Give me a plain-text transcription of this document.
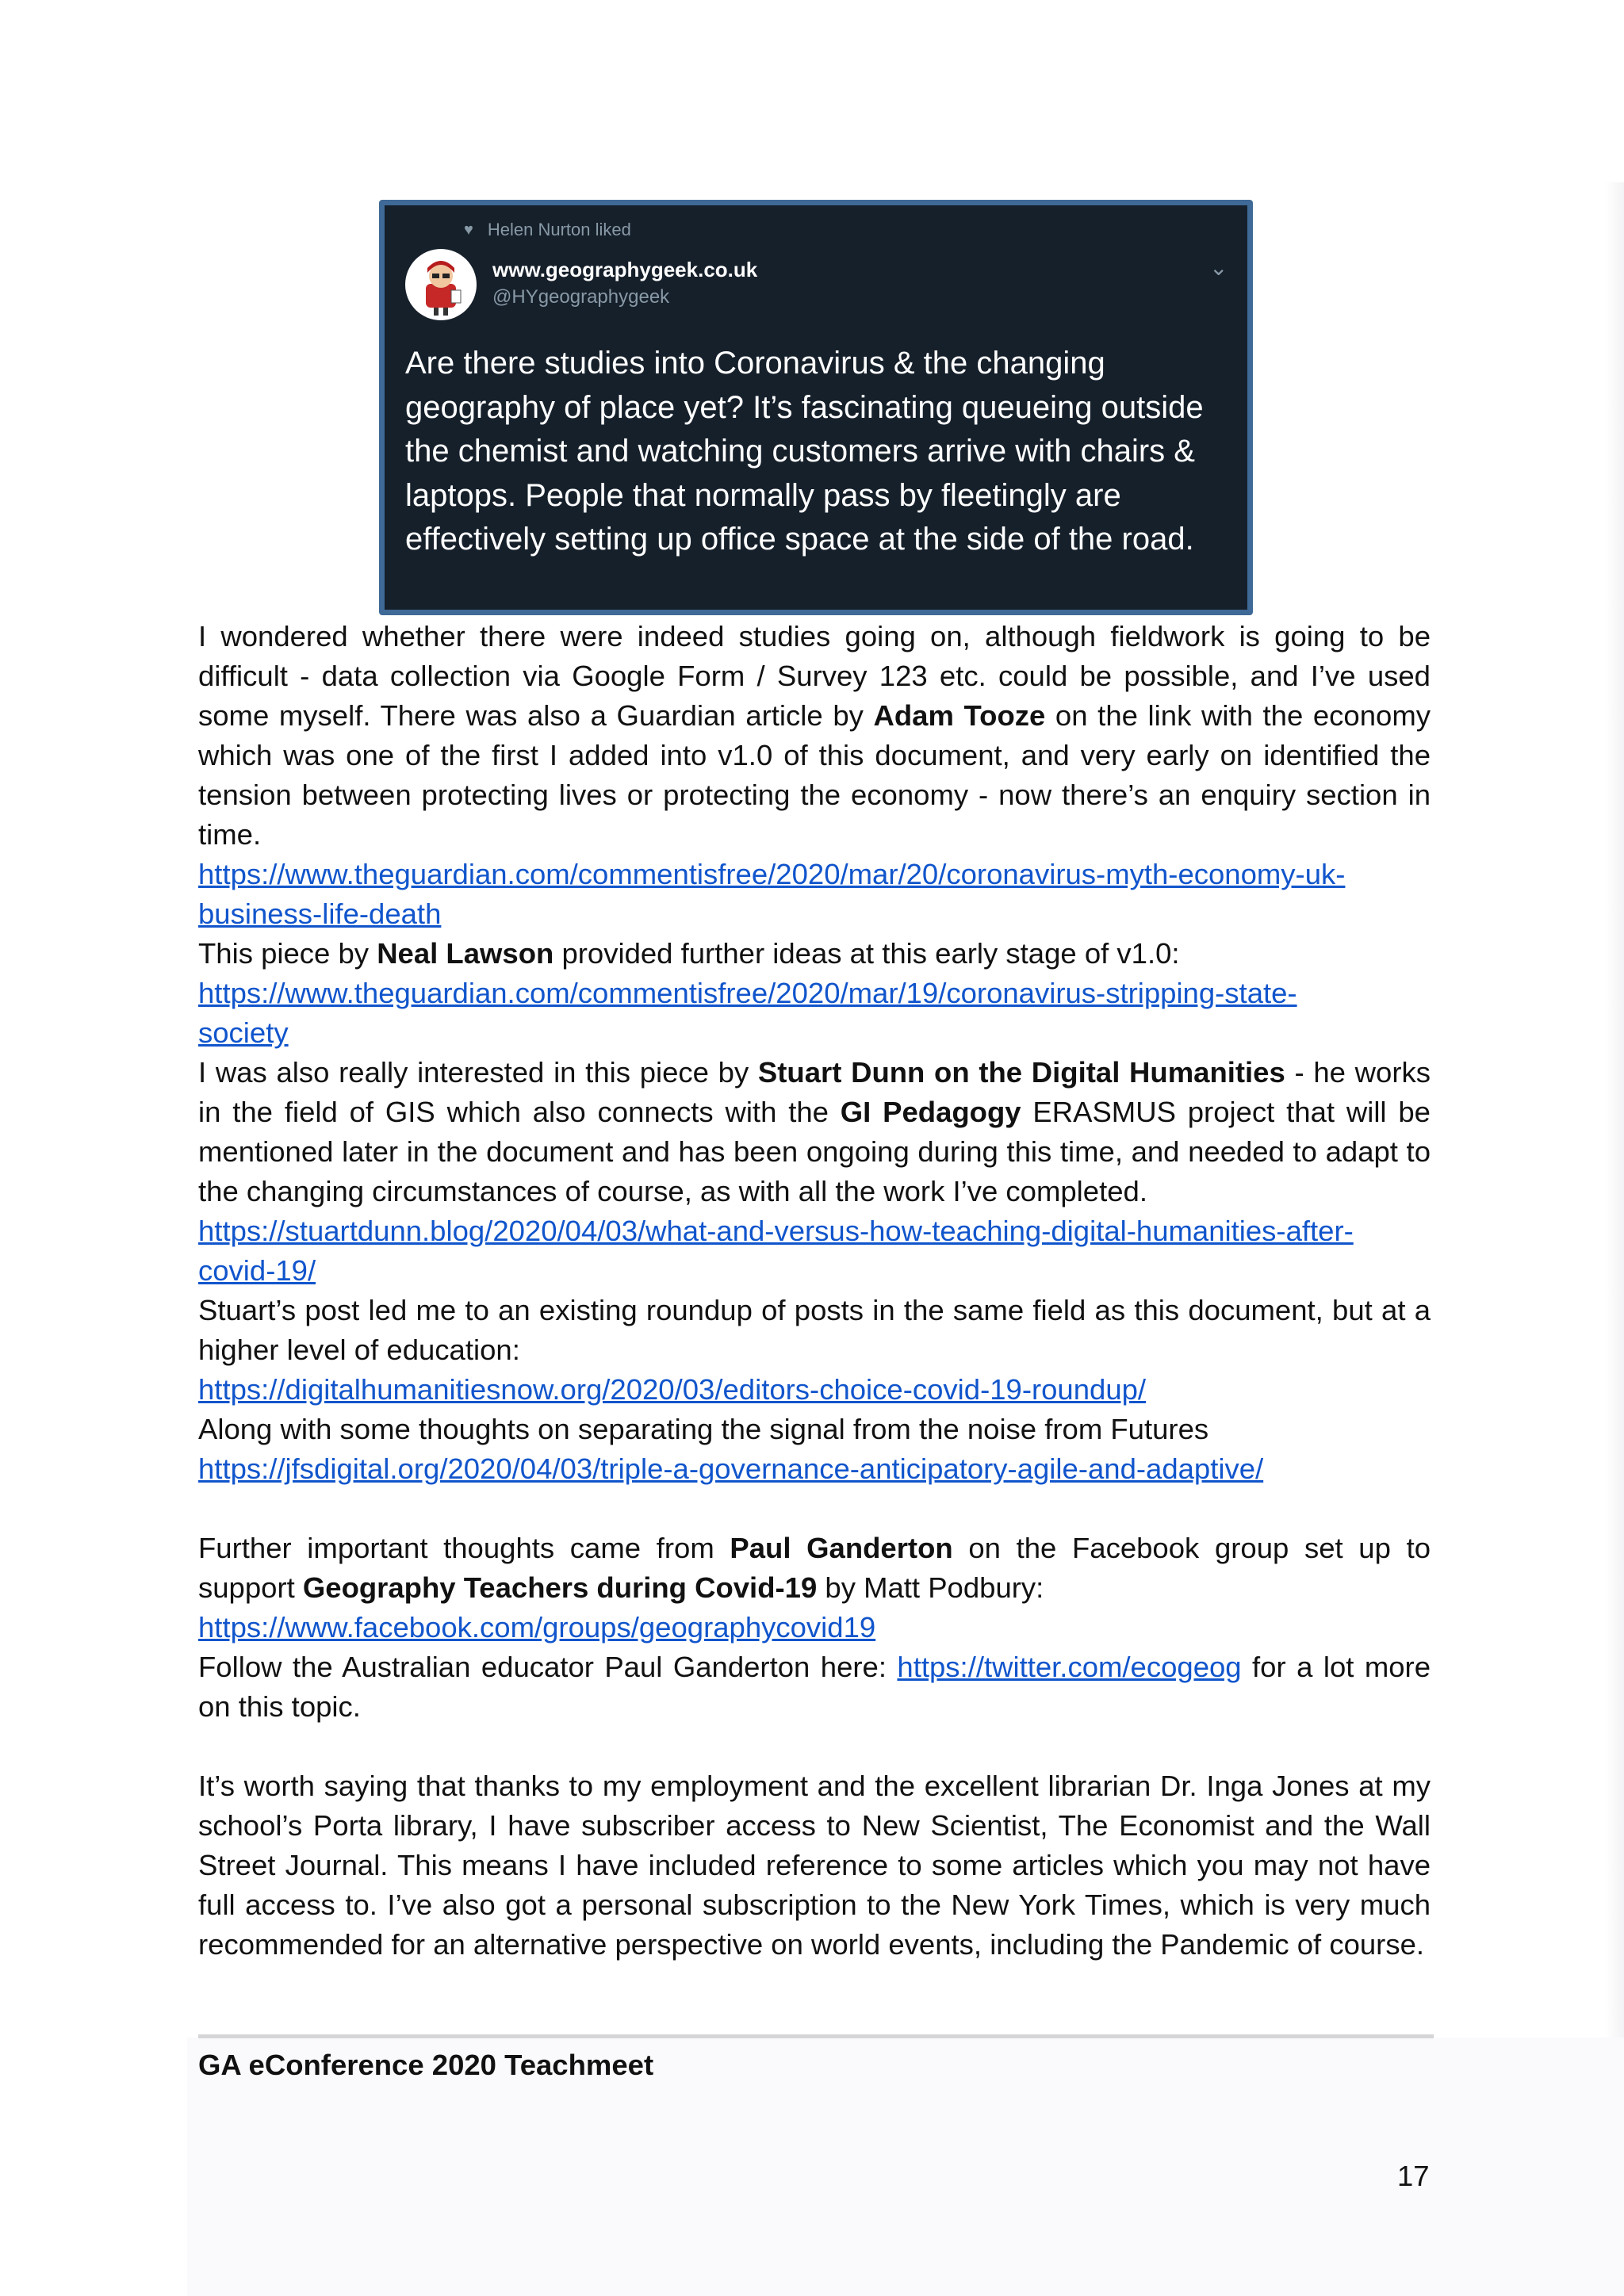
♥ Helen Nurton liked
www.geographygeek.co.uk
@HYgeographygeek
⌄

Are there studies into Coronavirus & the changing geography of place yet? It’s fascinating queueing outside the chemist and watching customers arrive with chairs & laptops. People that normally pass by fleetingly are effectively setting up office space at the side of the road.

I wondered whether there were indeed studies going on, although fieldwork is going to be difficult - data collection via Google Form / Survey 123 etc. could be possible, and I’ve used some myself. There was also a Guardian article by Adam Tooze on the link with the economy which was one of the first I added into v1.0 of this document, and very early on identified the tension between protecting lives or protecting the economy - now there’s an enquiry section in time.

https://www.theguardian.com/commentisfree/2020/mar/20/coronavirus-myth-economy-uk-
business-life-death

This piece by Neal Lawson provided further ideas at this early stage of v1.0:

https://www.theguardian.com/commentisfree/2020/mar/19/coronavirus-stripping-state-
society

I was also really interested in this piece by Stuart Dunn on the Digital Humanities - he works in the field of GIS which also connects with the GI Pedagogy ERASMUS project that will be mentioned later in the document and has been ongoing during this time, and needed to adapt to the changing circumstances of course, as with all the work I’ve completed.

https://stuartdunn.blog/2020/04/03/what-and-versus-how-teaching-digital-humanities-after-
covid-19/

Stuart’s post led me to an existing roundup of posts in the same field as this document, but at a higher level of education:

https://digitalhumanitiesnow.org/2020/03/editors-choice-covid-19-roundup/

Along with some thoughts on separating the signal from the noise from Futures

https://jfsdigital.org/2020/04/03/triple-a-governance-anticipatory-agile-and-adaptive/

Further important thoughts came from Paul Ganderton on the Facebook group set up to support Geography Teachers during Covid-19 by Matt Podbury:

https://www.facebook.com/groups/geographycovid19

Follow the Australian educator Paul Ganderton here: https://twitter.com/ecogeog for a lot more on this topic.

It’s worth saying that thanks to my employment and the excellent librarian Dr. Inga Jones at my school’s Porta library, I have subscriber access to New Scientist, The Economist and the Wall Street Journal. This means I have included reference to some articles which you may not have full access to. I’ve also got a personal subscription to the New York Times, which is very much recommended for an alternative perspective on world events, including the Pandemic of course.

GA eConference 2020 Teachmeet
17
